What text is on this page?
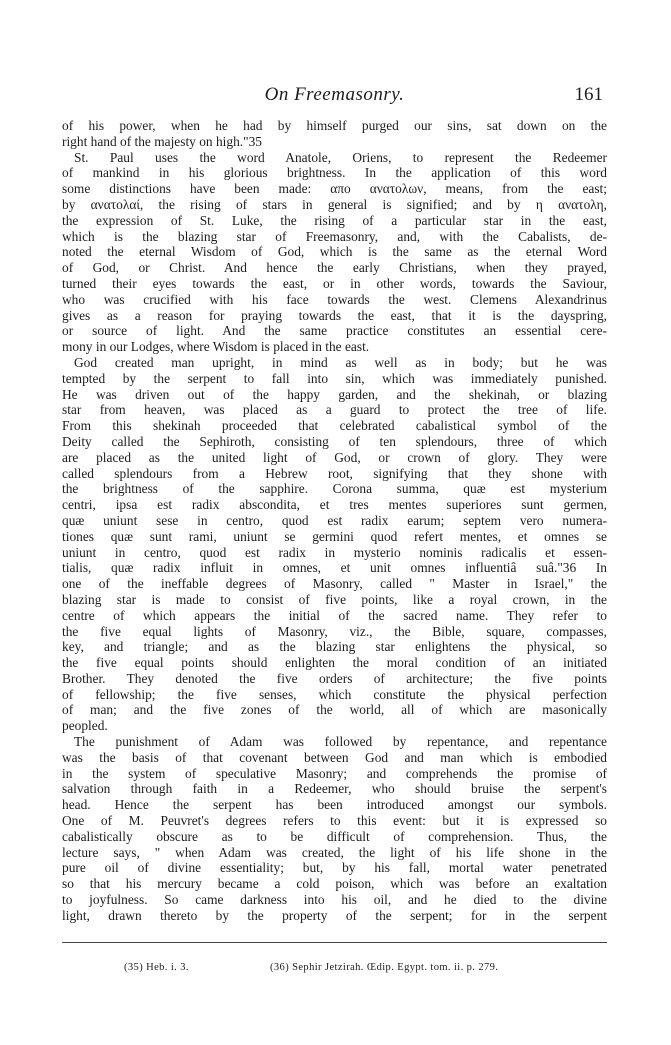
On Freemasonry.	161
of his power, when he had by himself purged our sins, sat down on the
right hand of the majesty on high."35
St. Paul uses the word Anatole, Oriens, to represent the Redeemer
of mankind in his glorious brightness. In the application of this word
some distinctions have been made: απο ανατολων, means, from the east;
by ανατολαί, the rising of stars in general is signified; and by η ανατολη,
the expression of St. Luke, the rising of a particular star in the east,
which is the blazing star of Freemasonry, and, with the Cabalists, de-
noted the eternal Wisdom of God, which is the same as the eternal Word
of God, or Christ. And hence the early Christians, when they prayed,
turned their eyes towards the east, or in other words, towards the Saviour,
who was crucified with his face towards the west. Clemens Alexandrinus
gives as a reason for praying towards the east, that it is the dayspring,
or source of light. And the same practice constitutes an essential cere-
mony in our Lodges, where Wisdom is placed in the east.
God created man upright, in mind as well as in body; but he was
tempted by the serpent to fall into sin, which was immediately punished.
He was driven out of the happy garden, and the shekinah, or blazing
star from heaven, was placed as a guard to protect the tree of life.
From this shekinah proceeded that celebrated cabalistical symbol of the
Deity called the Sephiroth, consisting of ten splendours, three of which
are placed as the united light of God, or crown of glory. They were
called splendours from a Hebrew root, signifying that they shone with
the brightness of the sapphire. Corona summa, quæ est mysterium
centri, ipsa est radix abscondita, et tres mentes superiores sunt germen,
quæ uniunt sese in centro, quod est radix earum; septem vero numera-
tiones quæ sunt rami, uniunt se germini quod refert mentes, et omnes se
uniunt in centro, quod est radix in mysterio nominis radicalis et essen-
tialis, quæ radix influit in omnes, et unit omnes influentiâ suâ."36 In
one of the ineffable degrees of Masonry, called " Master in Israel," the
blazing star is made to consist of five points, like a royal crown, in the
centre of which appears the initial of the sacred name. They refer to
the five equal lights of Masonry, viz., the Bible, square, compasses,
key, and triangle; and as the blazing star enlightens the physical, so
the five equal points should enlighten the moral condition of an initiated
Brother. They denoted the five orders of architecture; the five points
of fellowship; the five senses, which constitute the physical perfection
of man; and the five zones of the world, all of which are masonically
peopled.
The punishment of Adam was followed by repentance, and repentance
was the basis of that covenant between God and man which is embodied
in the system of speculative Masonry; and comprehends the promise of
salvation through faith in a Redeemer, who should bruise the serpent's
head. Hence the serpent has been introduced amongst our symbols.
One of M. Peuvret's degrees refers to this event: but it is expressed so
cabalistically obscure as to be difficult of comprehension. Thus, the
lecture says, " when Adam was created, the light of his life shone in the
pure oil of divine essentiality; but, by his fall, mortal water penetrated
so that his mercury became a cold poison, which was before an exaltation
to joyfulness. So came darkness into his oil, and he died to the divine
light, drawn thereto by the property of the serpent; for in the serpent
(35) Heb. i. 3.	(36) Sephir Jetzirah. Œdip. Egypt. tom. ii. p. 279.
